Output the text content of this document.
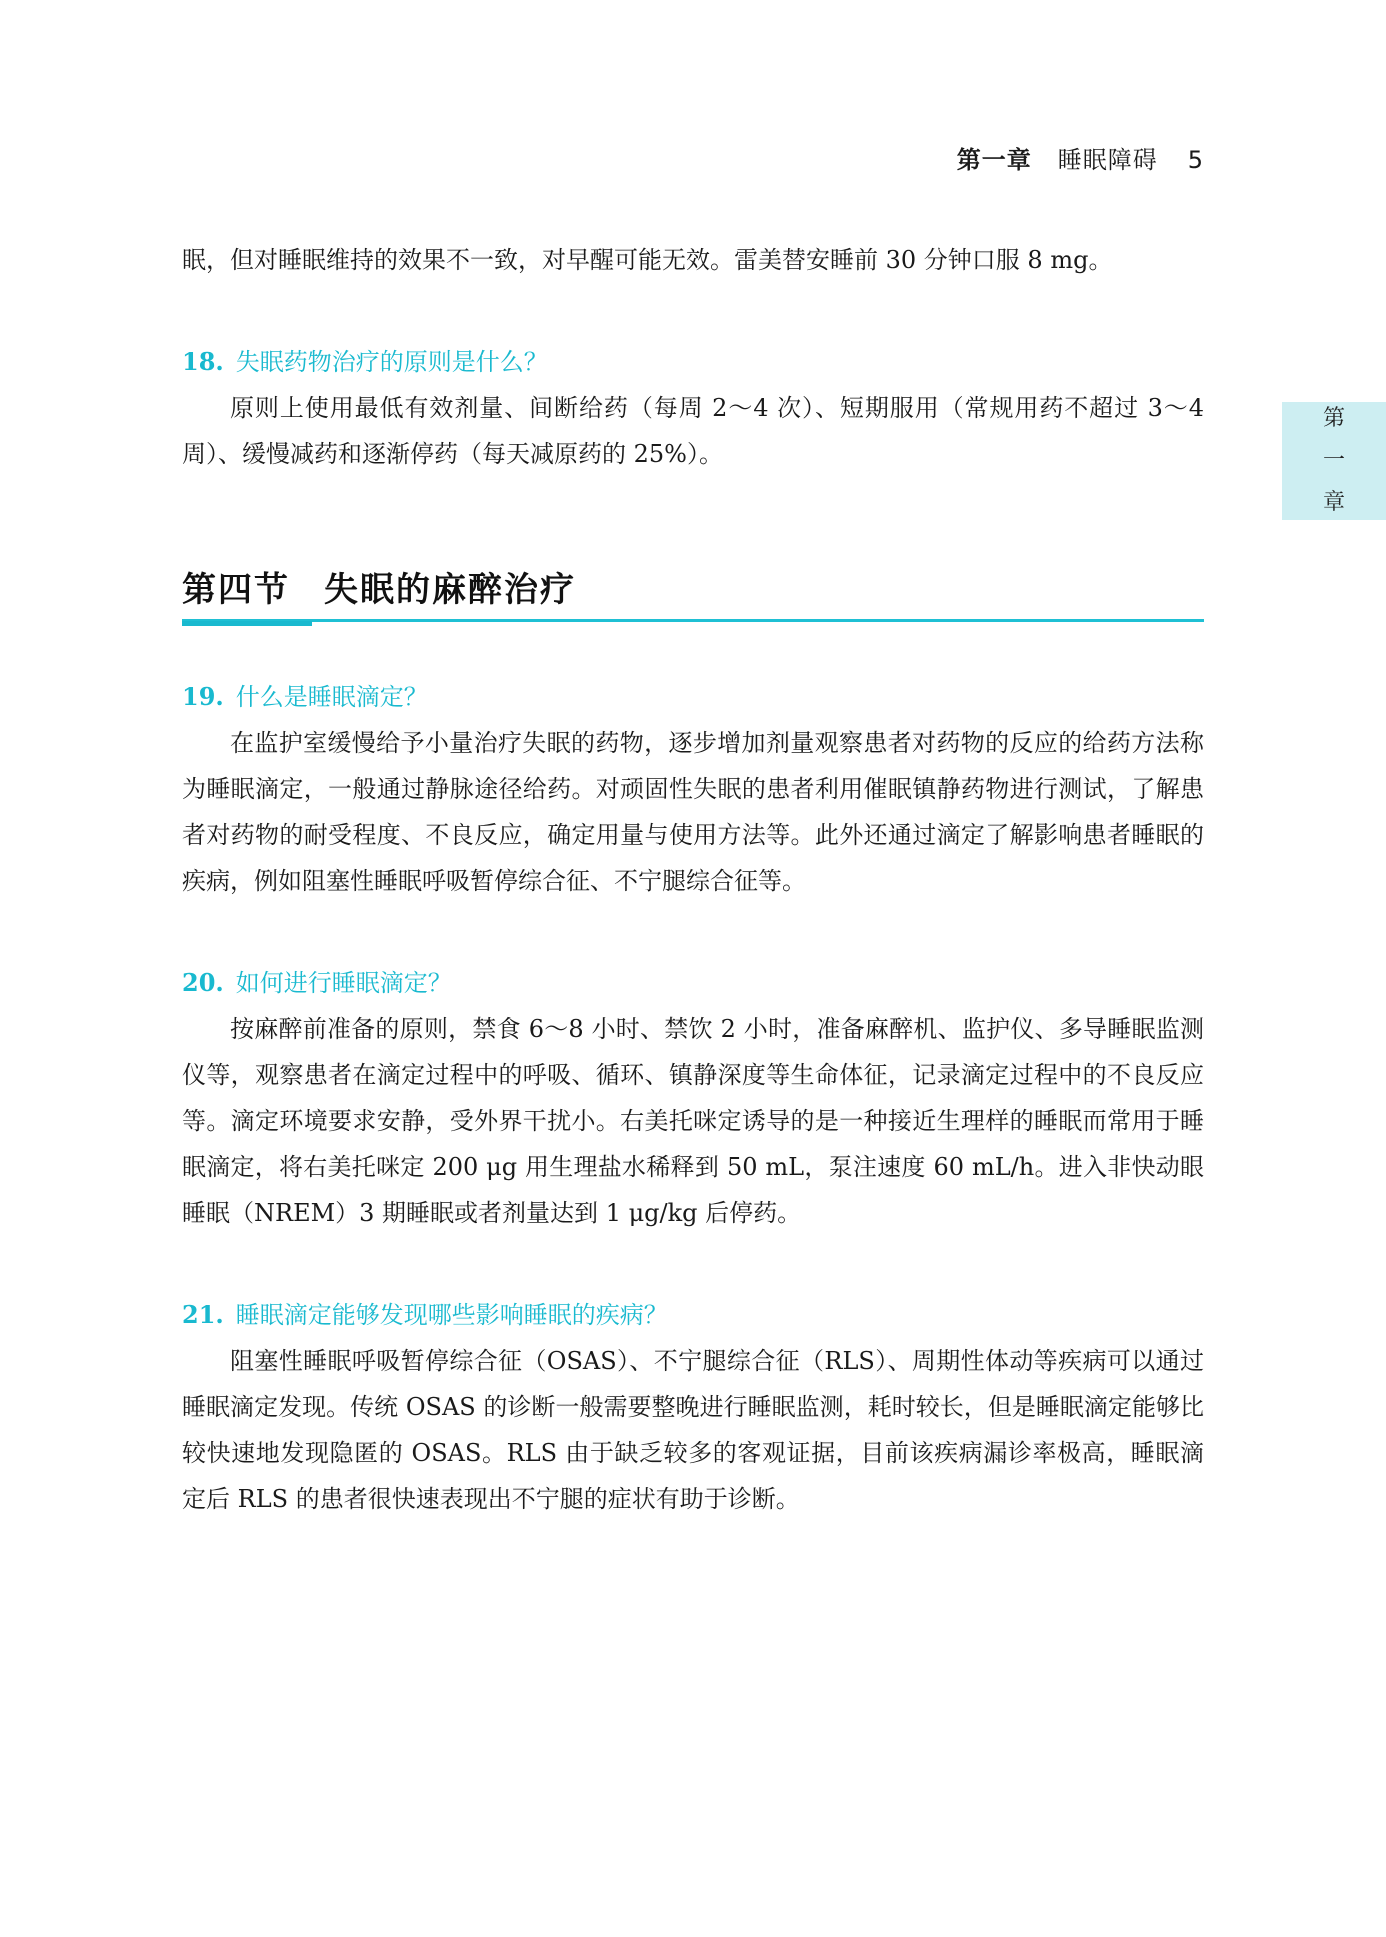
第一章 睡眠障碍 5
第
一
章

眠，但对睡眠维持的效果不一致，对早醒可能无效。雷美替安睡前 30 分钟口服 8 mg。

18. 失眠药物治疗的原则是什么？

原则上使用最低有效剂量、间断给药（每周 2～4 次）、短期服用（常规用药不超过 3～4 周）、缓慢减药和逐渐停药（每天减原药的 25%）。

第四节 失眠的麻醉治疗
19. 什么是睡眠滴定？

在监护室缓慢给予小量治疗失眠的药物，逐步增加剂量观察患者对药物的反应的给药方法称为睡眠滴定，一般通过静脉途径给药。对顽固性失眠的患者利用催眠镇静药物进行测试，了解患者对药物的耐受程度、不良反应，确定用量与使用方法等。此外还通过滴定了解影响患者睡眠的疾病，例如阻塞性睡眠呼吸暂停综合征、不宁腿综合征等。

20. 如何进行睡眠滴定？

按麻醉前准备的原则，禁食 6～8 小时、禁饮 2 小时，准备麻醉机、监护仪、多导睡眠监测仪等，观察患者在滴定过程中的呼吸、循环、镇静深度等生命体征，记录滴定过程中的不良反应等。滴定环境要求安静，受外界干扰小。右美托咪定诱导的是一种接近生理样的睡眠而常用于睡眠滴定，将右美托咪定 200 μg 用生理盐水稀释到 50 mL，泵注速度 60 mL/h。进入非快动眼睡眠（NREM）3 期睡眠或者剂量达到 1 μg/kg 后停药。

21. 睡眠滴定能够发现哪些影响睡眠的疾病？

阻塞性睡眠呼吸暂停综合征（OSAS）、不宁腿综合征（RLS）、周期性体动等疾病可以通过睡眠滴定发现。传统 OSAS 的诊断一般需要整晚进行睡眠监测，耗时较长，但是睡眠滴定能够比较快速地发现隐匿的 OSAS。RLS 由于缺乏较多的客观证据，目前该疾病漏诊率极高，睡眠滴定后 RLS 的患者很快速表现出不宁腿的症状有助于诊断。
